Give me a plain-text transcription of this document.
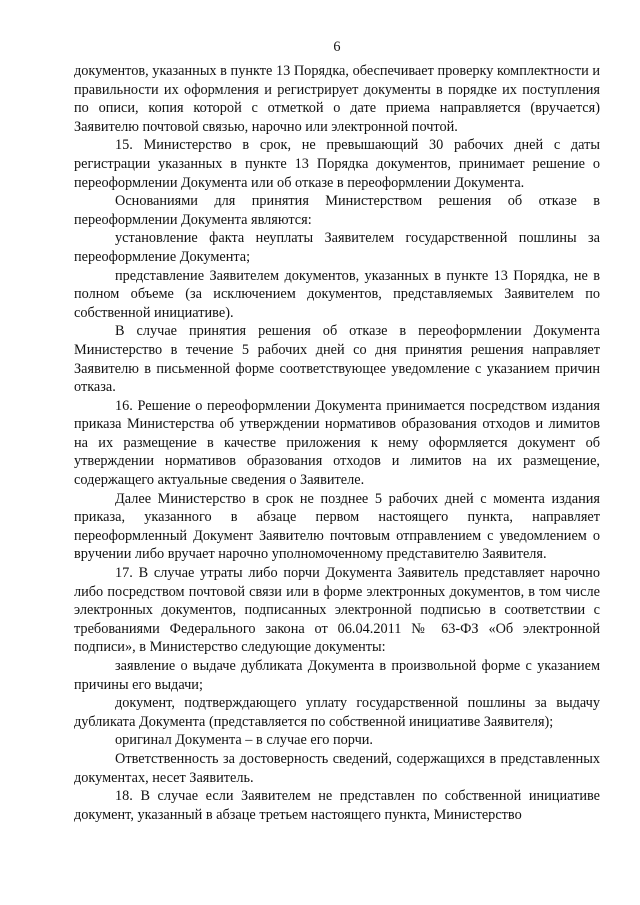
6

документов, указанных в пункте 13 Порядка, обеспечивает проверку комплектности и правильности их оформления и регистрирует документы в порядке их поступления по описи, копия которой с отметкой о дате приема направляется (вручается) Заявителю почтовой связью, нарочно или электронной почтой.

15. Министерство в срок, не превышающий 30 рабочих дней с даты регистрации указанных в пункте 13 Порядка документов, принимает решение о переоформлении Документа или об отказе в переоформлении Документа.

Основаниями для принятия Министерством решения об отказе в переоформлении Документа являются:

установление факта неуплаты Заявителем государственной пошлины за переоформление Документа;

представление Заявителем документов, указанных в пункте 13 Порядка, не в полном объеме (за исключением документов, представляемых Заявителем по собственной инициативе).

В случае принятия решения об отказе в переоформлении Документа Министерство в течение 5 рабочих дней со дня принятия решения направляет Заявителю в письменной форме соответствующее уведомление с указанием причин отказа.

16. Решение о переоформлении Документа принимается посредством издания приказа Министерства об утверждении нормативов образования отходов и лимитов на их размещение в качестве приложения к нему оформляется документ об утверждении нормативов образования отходов и лимитов на их размещение, содержащего актуальные сведения о Заявителе.

Далее Министерство в срок не позднее 5 рабочих дней с момента издания приказа, указанного в абзаце первом настоящего пункта, направляет переоформленный Документ Заявителю почтовым отправлением с уведомлением о вручении либо вручает нарочно уполномоченному представителю Заявителя.

17. В случае утраты либо порчи Документа Заявитель представляет нарочно либо посредством почтовой связи или в форме электронных документов, в том числе электронных документов, подписанных электронной подписью в соответствии с требованиями Федерального закона от 06.04.2011 № 63-ФЗ «Об электронной подписи», в Министерство следующие документы:

заявление о выдаче дубликата Документа в произвольной форме с указанием причины его выдачи;

документ, подтверждающего уплату государственной пошлины за выдачу дубликата Документа (представляется по собственной инициативе Заявителя);

оригинал Документа – в случае его порчи.

Ответственность за достоверность сведений, содержащихся в представленных документах, несет Заявитель.

18. В случае если Заявителем не представлен по собственной инициативе документ, указанный в абзаце третьем настоящего пункта, Министерство
